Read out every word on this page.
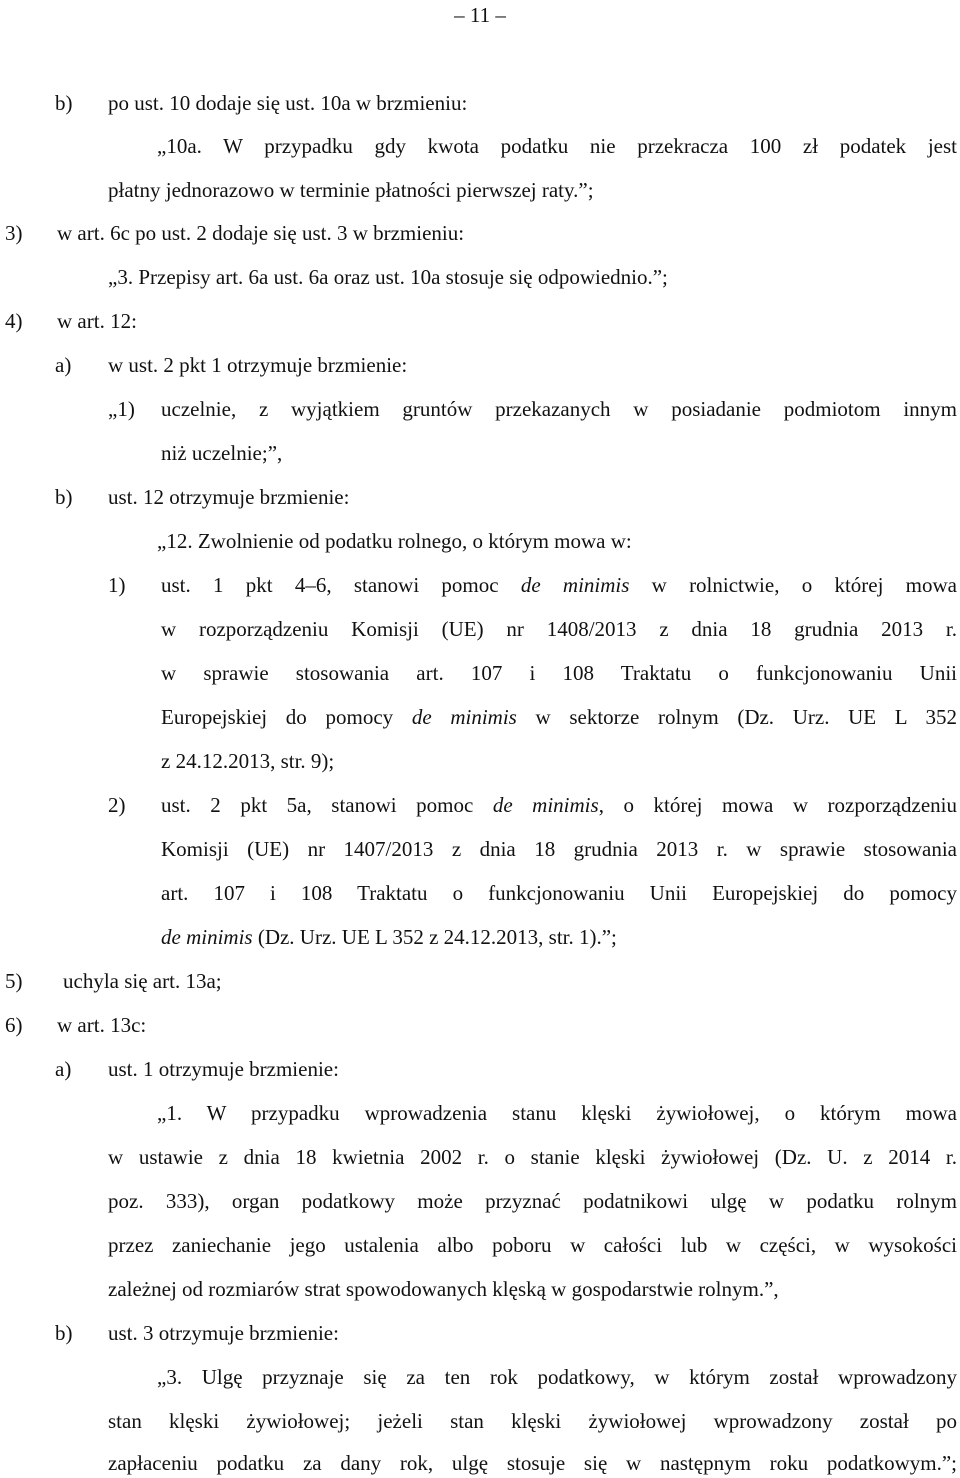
– 11 –
b) po ust. 10 dodaje się ust. 10a w brzmieniu:
„10a. W przypadku gdy kwota podatku nie przekracza 100 zł podatek jest
płatny jednorazowo w terminie płatności pierwszej raty.”;
3) w art. 6c po ust. 2 dodaje się ust. 3 w brzmieniu:
„3. Przepisy art. 6a ust. 6a oraz ust. 10a stosuje się odpowiednio.”;
4) w art. 12:
a) w ust. 2 pkt 1 otrzymuje brzmienie:
„1) uczelnie, z wyjątkiem gruntów przekazanych w posiadanie podmiotom innym
niż uczelnie;”,
b) ust. 12 otrzymuje brzmienie:
„12. Zwolnienie od podatku rolnego, o którym mowa w:
1) ust. 1 pkt 4–6, stanowi pomoc de minimis w rolnictwie, o której mowa
w rozporządzeniu Komisji (UE) nr 1408/2013 z dnia 18 grudnia 2013 r.
w sprawie stosowania art. 107 i 108 Traktatu o funkcjonowaniu Unii
Europejskiej do pomocy de minimis w sektorze rolnym (Dz. Urz. UE L 352
z 24.12.2013, str. 9);
2) ust. 2 pkt 5a, stanowi pomoc de minimis, o której mowa w rozporządzeniu
Komisji (UE) nr 1407/2013 z dnia 18 grudnia 2013 r. w sprawie stosowania
art. 107 i 108 Traktatu o funkcjonowaniu Unii Europejskiej do pomocy
de minimis (Dz. Urz. UE L 352 z 24.12.2013, str. 1).”;
5) uchyla się art. 13a;
6) w art. 13c:
a) ust. 1 otrzymuje brzmienie:
„1. W przypadku wprowadzenia stanu klęski żywiołowej, o którym mowa
w ustawie z dnia 18 kwietnia 2002 r. o stanie klęski żywiołowej (Dz. U. z 2014 r.
poz. 333), organ podatkowy może przyznać podatnikowi ulgę w podatku rolnym
przez zaniechanie jego ustalenia albo poboru w całości lub w części, w wysokości
zależnej od rozmiarów strat spowodowanych klęską w gospodarstwie rolnym.”,
b) ust. 3 otrzymuje brzmienie:
„3. Ulgę przyznaje się za ten rok podatkowy, w którym został wprowadzony
stan klęski żywiołowej; jeżeli stan klęski żywiołowej wprowadzony został po
zapłaceniu podatku za dany rok, ulgę stosuje się w następnym roku podatkowym.”;
